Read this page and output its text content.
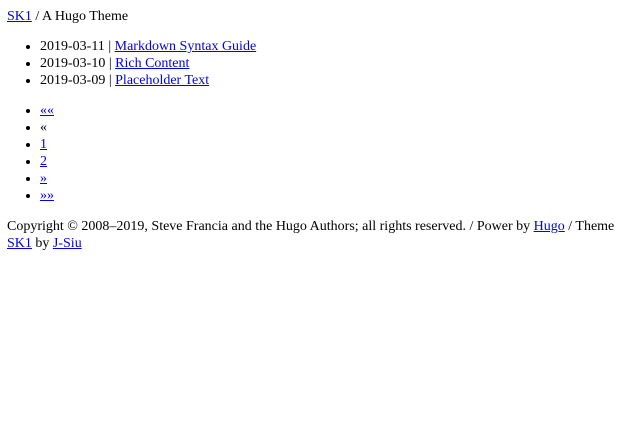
SK1 / A Hugo Theme
• 2019-03-11 | Markdown Syntax Guide
• 2019-03-10 | Rich Content
• 2019-03-09 | Placeholder Text
• ««
• «
• 1
• 2
• »
• »»
Copyright © 2008–2019, Steve Francia and the Hugo Authors; all rights reserved. / Power by Hugo / Theme SK1 by J-Siu
